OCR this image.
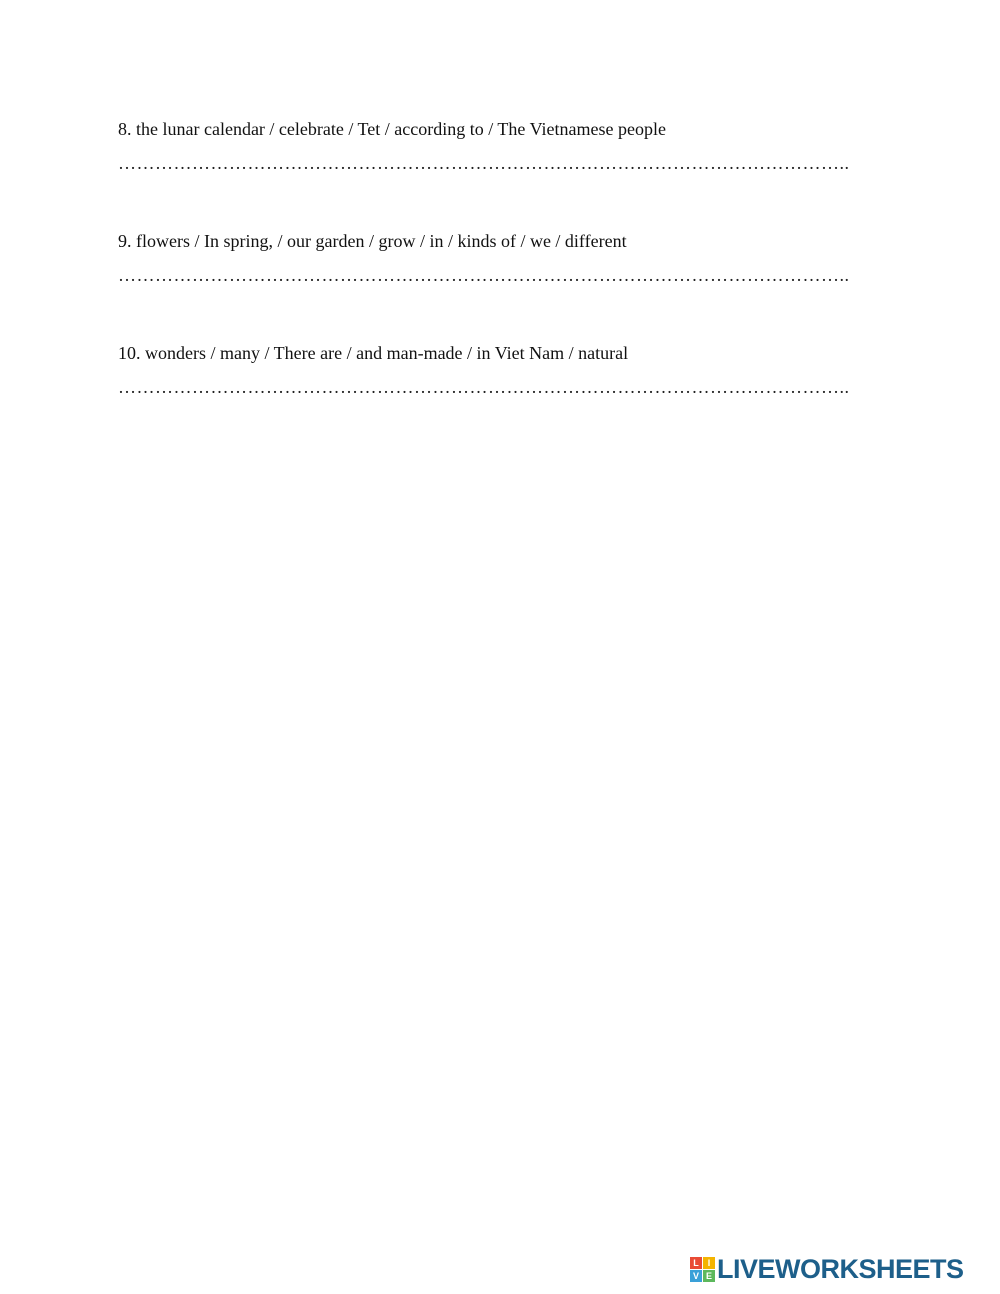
8. the lunar calendar / celebrate / Tet / according to / The Vietnamese people
………………………………………………………………………………………………………..
9. flowers / In spring, / our garden / grow / in / kinds of / we / different
………………………………………………………………………………………………………..
10. wonders / many / There are / and man-made / in Viet Nam / natural
………………………………………………………………………………………………………..
L I
V E LIVEWORKSHEETS
